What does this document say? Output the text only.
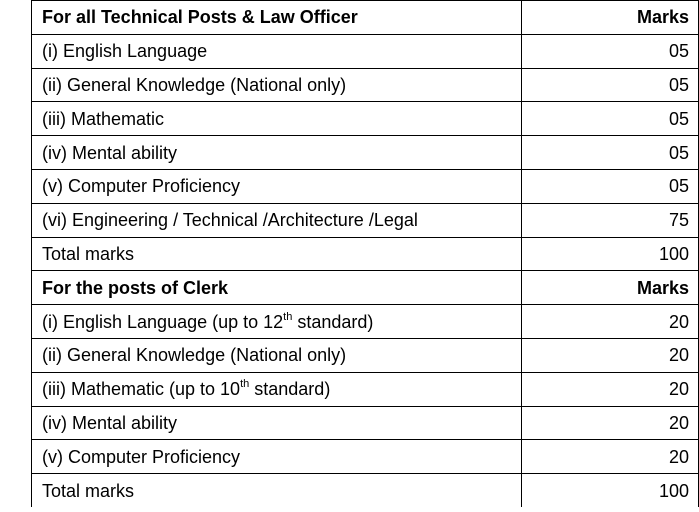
For all Technical Posts & Law Officer	Marks
(i) English Language	05
(ii) General Knowledge (National only)	05
(iii) Mathematic	05
(iv) Mental ability	05
(v) Computer Proficiency	05
(vi) Engineering / Technical /Architecture /Legal	75
Total marks	100
For the posts of Clerk	Marks
(i) English Language (up to 12th standard)	20
(ii) General Knowledge (National only)	20
(iii) Mathematic (up to 10th standard)	20
(iv) Mental ability	20
(v) Computer Proficiency	20
Total marks	100
